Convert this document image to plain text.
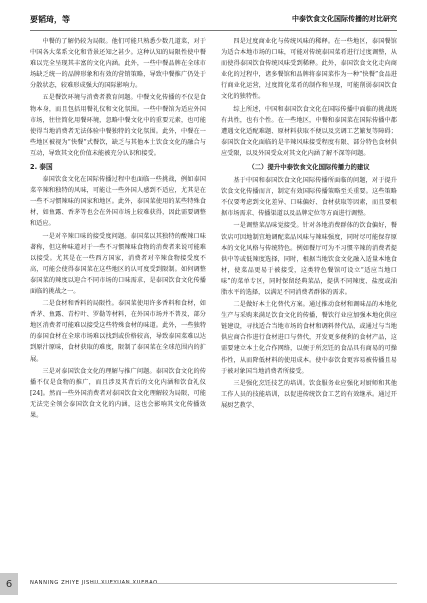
要韬琦，等	中泰饮食文化国际传播的对比研究

中餐的了解仍较为局限。他们可能只熟悉少数几道菜，对于中国各大菜系文化和背景还知之甚少。这种认知的局限性使中餐难以完全呈现其丰富的文化内涵。此外，一些中餐品牌在全球市场缺乏统一的品牌形象和有效的营销策略，导致中餐推广仍处于分散状态，较难形成强大的国际影响力。

五是餐饮环境与消费者教育问题。中餐文化传播的不仅是食物本身，而且包括用餐礼仪和文化氛围。一些中餐馆为适应外国市场，往往简化用餐环境，忽略中餐文化中的重要元素，也可能使得当地消费者无法体验中餐独特的文化氛围。此外，中餐在一些地区被视为“快餐”式餐饮，缺乏与其他本土饮食文化的融合与互动，导致其文化价值未能被充分认识和接受。

2. 泰国

泰国饮食文化在国际传播过程中也面临一些挑战，例如泰国菜辛辣和独特的风味，可能让一些外国人感到不适应，尤其是在一些不习惯辣味的国家和地区。此外，泰国菜使用的某些特殊食材，如鱼露、香茅等也会在外国市场上较难获得，因此需要调整和适应。

一是对辛辣口味的接受度问题。泰国菜以其独特的酸辣口味著称，但这种味道对于一些不习惯辣味食物的消费者来说可能难以接受。尤其是在一些西方国家，消费者对辛辣食物接受度不高，可能会使得泰国菜在这些地区的认可度受到限制。如何调整泰国菜的辣度以迎合不同市场的口味需求，是泰国饮食文化传播面临的挑战之一。

二是食材和香料的局限性。泰国菜使用许多香料和食材，如香茅、鱼露、青柠叶、罗勒等材料，在外国市场并不普及，部分地区消费者可能难以接受这些特殊食材的味道。此外，一些独特的泰国食材在全球市场难以找到或价格较高，导致泰国菜难以达到原汁原味，食材获取的难度，限制了泰国菜在全球范围内的扩展。

三是对泰国饮食文化的理解与推广问题。泰国饮食文化的传播不仅是食物的推广，而且涉及其背后的文化内涵和饮食礼仪[24]。然而一些外国消费者对泰国饮食文化理解较为局限，可能无法完全领会泰国饮食文化的内涵，这也会影响其文化传播效果。

四是过度商业化与传统风味的稀释。在一些地区，泰国餐馆为适合本地市场的口味，可能对传统泰国菜肴进行过度调整，从而使得泰国饮食传统风味受到稀释。此外，泰国饮食文化走向商业化的过程中，诸多餐馆和品牌将泰国菜作为一种“快餐”食品进行商业化运营，过度简化菜肴的制作和呈现，可能削弱泰国饮食文化的独特性。

综上所述，中国和泰国饮食文化在国际传播中面临的挑战既有共性，也有个性。在一些地区，中餐和泰国菜在国际传播中都遭遇文化适配难题、原材料获取不便以及烹调工艺繁复等障碍；泰国饮食文化面临的是辛辣风味接受程度有限、部分特色食材供应受限，以及外国受众对其文化内涵了解不深等问题。

（二）提升中泰饮食文化国际传播力的建议

基于中国和泰国饮食文化国际传播所面临的问题，对于提升饮食文化传播而言，制定有效国际传播策略至关重要。这些策略不仅要考虑到文化差异、口味偏好、食材获取等因素，而且要根据市场需求、传播渠道以及品牌定位等方面进行调整。

一是调整菜品味觉接受。针对各地消费群体的饮食偏好，餐饮店可因地制宜地调配菜品风味与辣味强度，同时尽可能保存原本的文化风格与传统特色。例如餐厅可为不习惯辛辣的消费者提供中等或低辣度选择，同时，根据当地饮食文化融入适量本地食材，使菜品更易于被接受，这类特色餐馆可设立“适应当地口味”的菜单专区，同时保留经典菜品，提供不同辣度、盐度或油脂水平的选择，以满足不同消费者群体的需求。

二是做好本土化替代方案。通过推动食材和调味品的本地化生产与采购来满足饮食文化的传播，餐饮行业应加强本地化供应链建设，寻找适合当地市场的食材和调料替代品，或通过与当地供应商合作进行食材进口与替代，开发更多便利的食材产品，这需要建立本土化合作网络，以便于所烹饪的食品具有商易的可操作性，从而降低材料的使用成本。使中泰饮食更容易被传播且易于被对象国当地消费者所接受。

三是强化烹饪技艺的培训。饮食服务业应强化对厨师和其他工作人员的技能培训，以促进传统饮食工艺的有效继承。通过开展厨艺教学、

6	NANNING ZHIYE JISHU XUEYUAN XUEBAO
